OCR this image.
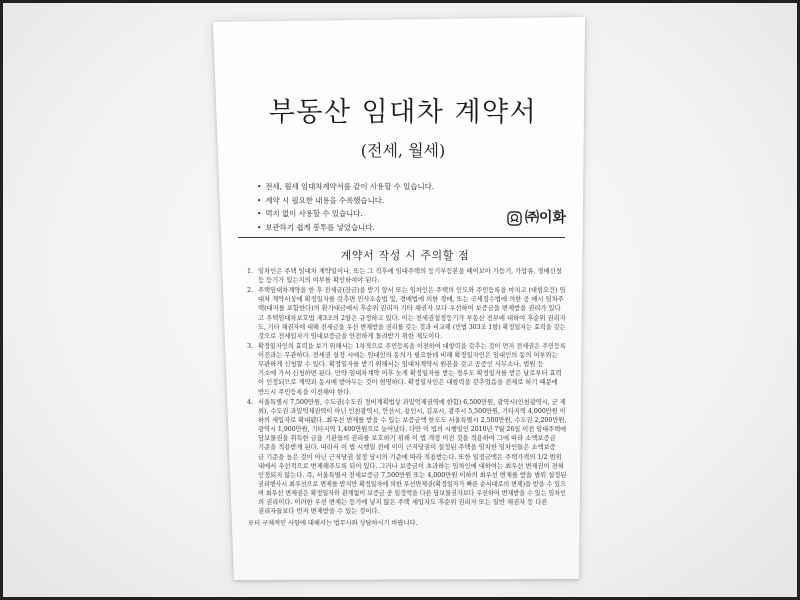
부동산 임대차 계약서
(전세, 월세)
• 전세, 월세 임대차계약서를 같이 사용할 수 있습니다.
• 계약 시 필요한 내용을 수록했습니다.
• 먹지 없이 사용할 수 있습니다.
• 보관하기 쉽게 봉투를 넣었습니다.
㈜이화
계약서 작성 시 주의할 점
1. 임차인은 주택 임대차 계약일이나, 또는 그 직후에 임대주택의 등기부등본을 떼어보아 가등기, 가압류, 경매신청
등 등기가 있는지의 여부를 확인하여야 된다.
2. 주택임대차계약을 한 후 전세금(잔금)을 받기 앞서 또는 임차인은 주택의 인도와 주민등록을 마치고 (대항요건) 임
대차 계약서상에 확정일자를 갖추면 민사소송법 및, 경매법에 의한 경매, 또는 국세징수법에 의한 공 매시 임차주
택(대지를 포함한다)의 환가대금에서 후순위 권리자 기타 채권자 보다 우선하여 보증금을 변제받을 권리가 있다
고 주택임대차보호법 제3조의 2항은 규정하고 있다. 이는 전세권설정등기가 부동산 전부에 대하여 후순위 권리자
도, 기타 채권자에 대해 전세금을 우선 변제받을 권리를 갖는 것과 비교해 (민법 303조 1항) 확정일자는 효력을 갖는
것으로 전세입자가 임대보증금을 안전하게 돌려받기 위한 제도이다.
3. 확정일자인의 효력을 보기 위해서는 1차적으로 주민등록을 이전하여 대항력을 갖추는 것이 먼저 전세권은 주민등록
이전과는 무관하다. 전세권 설정 시에는 임대인의 동의가 필요한데 비해 확정일자인은 임대인의 동의 여부와는
무관하게 신청할 수 있다. 확정일자를 받기 위해서는 임대차계약서 원본을 갖고 공증인 사무소나, 법원 등
기소에 가서 신청하면 된다. 만약 임대차계약 이후 늦게 확정일자를 받는 경우도 확정일자를 받은 날로부터 효력
이 인정되므로 계약과 동시에 받아두는 것이 현명하다. 확정일자인은 대항력을 갖추었음을 전제로 하기 때문에
반드시 주민등록을 이전해야 한다.
4. 서울특별시 7,500만원, 수도권(수도권 정비계획법상 과밀억제권역에 한함) 6,500만원, 광역시(인천광역시, 군 제
외), 수도권 과밀억제권역이 아닌 인천광역시, 안산시, 용인시, 김포시, 광주시 5,500만원, 기타지역 4,000만원 이
하의 세입자로 확대됐다. 최우선 변제를 받을 수 있는 보증금액 한도도 서울특별시 2,500만원, 수도권 2,200만원,
광역시 1,900만원, 기타지역 1,400만원으로 늘어났다. 다만 이 법의 시행일인 2010년 7월 26일 이전 임대주택에
담보물권을 취득한 금융 기관들의 권리를 보호하기 위해 이 법 개정 이전 것을 적용하여 그에 따라 소액보증금
기준을 적용받게 된다. 따라서 이 법 시행일 전에 이미 근저당권이 설정된 주택을 임차한 임차인들은 소액보증
금 기준을 높은 것이 아닌 근저당권 설정 당시의 기준에 따라 적용받는다. 또한 일정금액은 주택가격의 1/2 범위
내에서 우선적으로 변제해주도록 되어 있다. 그러나 보증금이 초과하는 임차인에 대하여는 최우선 변제권이 전혀
인정되지 않는다. 즉, 서울특별시 전세보증금 7,500만원 또는 4,000만원 이하의 최우선 변제를 받을 범위 설정된
권리행사시 최우선으로 변제를 받지만 확정일자에 의한 우선변제권(확정일자가 빠른 순서대로의 변제)을 받을 수 있으
며 최우선 변제권은 확정일자와 관계없이 보증금 중 일정액을 다른 담보물권자보다 우선하여 변제받을 수 있는 임차인
의 권리이다. 이러한 우선 변제는 등기에 넣지 않은 주택 세입자도 후순위 권리자 또는 일반 채권자 등 다른
권리자들보다 먼저 변제받을 수 있는 것이다.
※더 구체적인 사항에 대해서는 법무사와 상담하시기 바랍니다.
